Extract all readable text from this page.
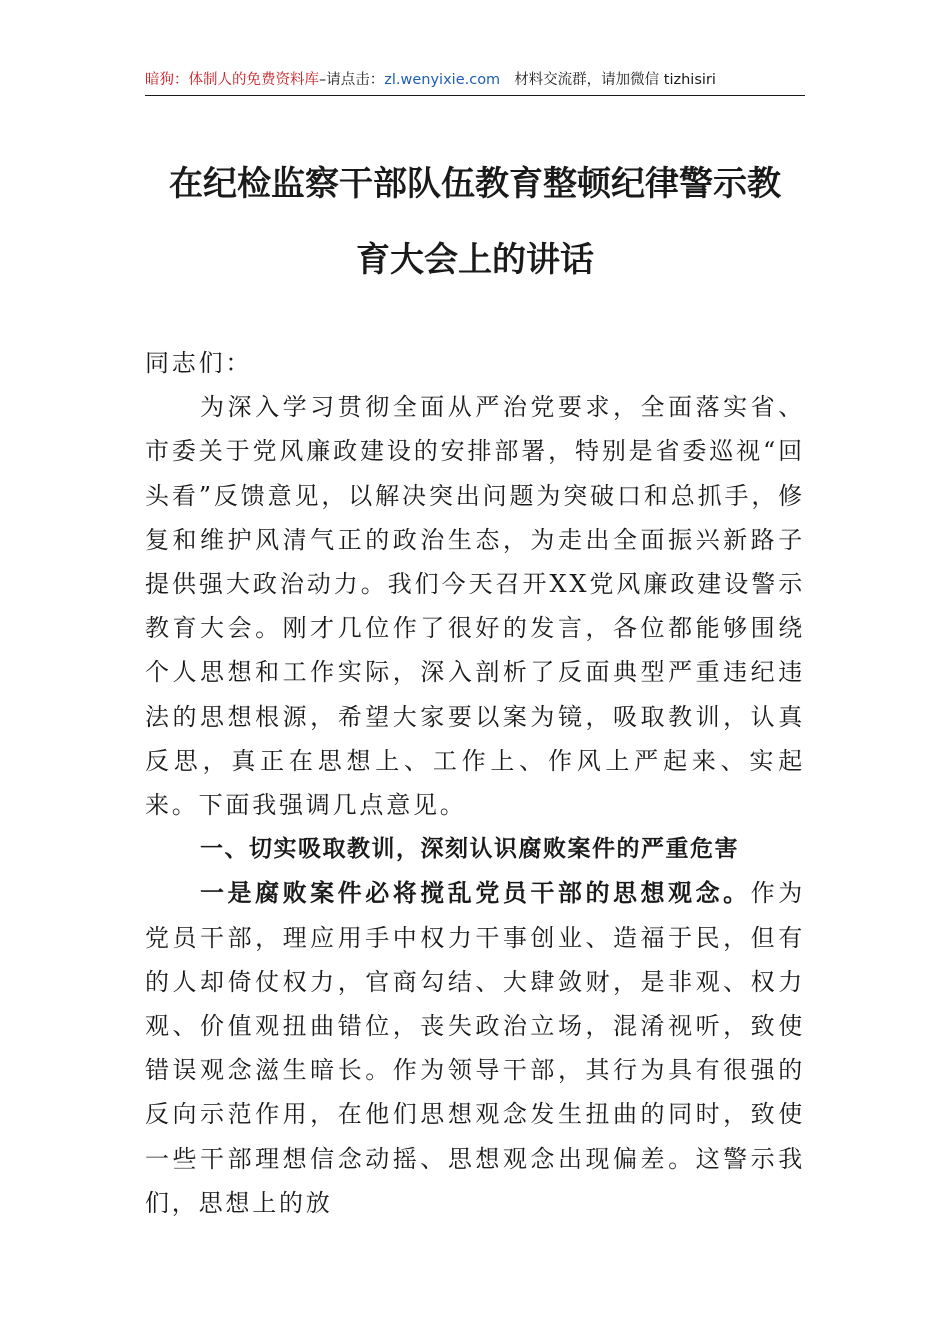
暗狗：体制人的免费资料库–请点击：zl.wenyixie.com 材料交流群，请加微信 tizhisiri
在纪检监察干部队伍教育整顿纪律警示教
育大会上的讲话

同志们：

为深入学习贯彻全面从严治党要求，全面落实省、市委关于党风廉政建设的安排部署，特别是省委巡视“回头看”反馈意见，以解决突出问题为突破口和总抓手，修复和维护风清气正的政治生态，为走出全面振兴新路子提供强大政治动力。我们今天召开XX党风廉政建设警示教育大会。刚才几位作了很好的发言，各位都能够围绕个人思想和工作实际，深入剖析了反面典型严重违纪违法的思想根源，希望大家要以案为镜，吸取教训，认真反思，真正在思想上、工作上、作风上严起来、实起来。下面我强调几点意见。

一、切实吸取教训，深刻认识腐败案件的严重危害

一是腐败案件必将搅乱党员干部的思想观念。作为党员干部，理应用手中权力干事创业、造福于民，但有的人却倚仗权力，官商勾结、大肆敛财，是非观、权力观、价值观扭曲错位，丧失政治立场，混淆视听，致使错误观念滋生暗长。作为领导干部，其行为具有很强的反向示范作用，在他们思想观念发生扭曲的同时，致使一些干部理想信念动摇、思想观念出现偏差。这警示我们，思想上的放
